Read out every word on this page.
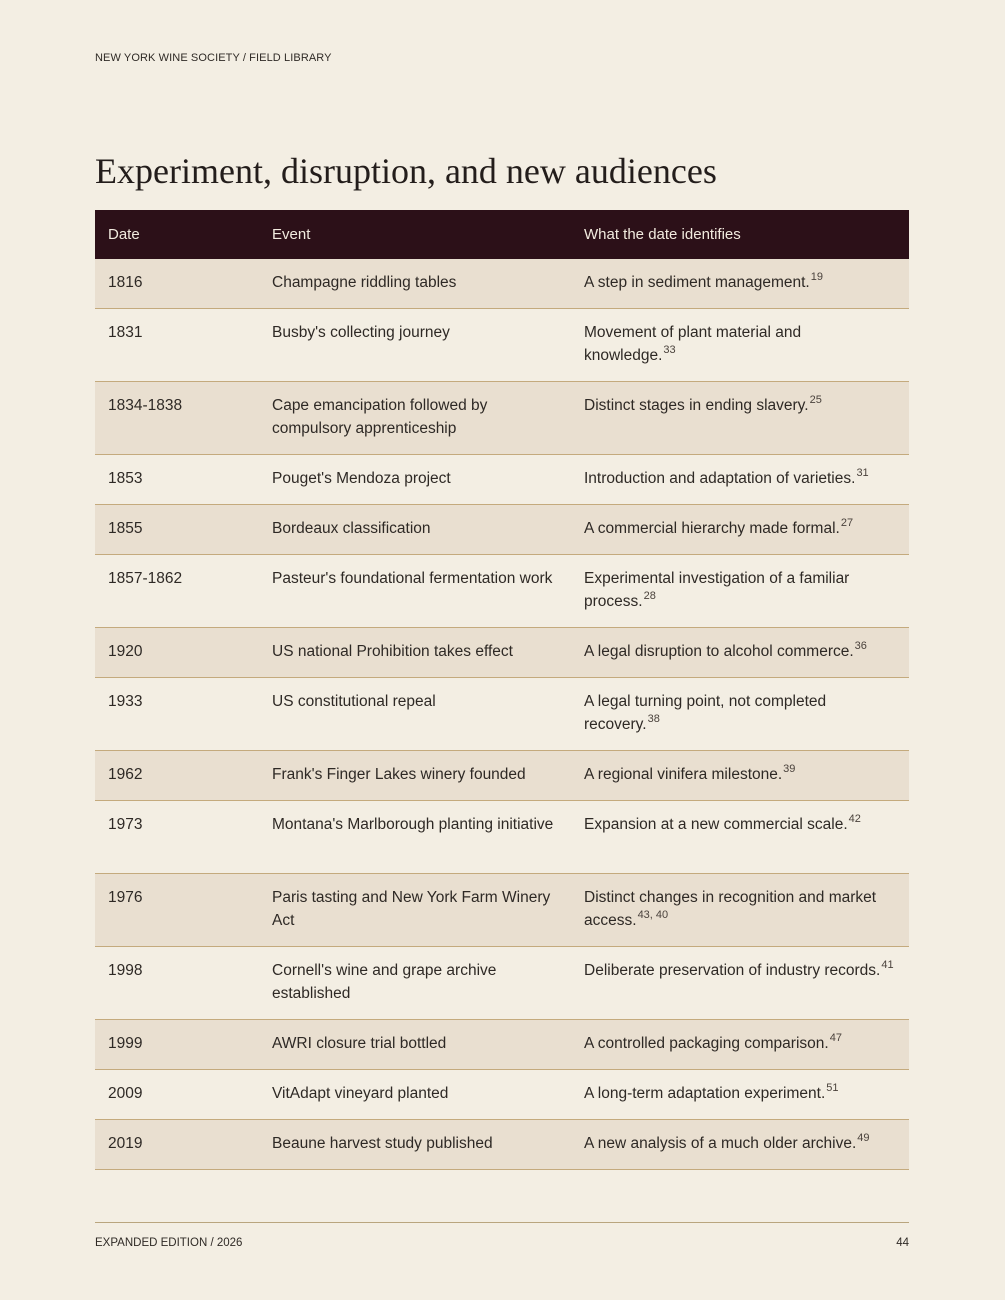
NEW YORK WINE SOCIETY / FIELD LIBRARY
Experiment, disruption, and new audiences
Date	Event	What the date identifies
1816	Champagne riddling tables	A step in sediment management.$^{19}$
1831	Busby's collecting journey	Movement of plant material and knowledge.$^{33}$
1834-1838	Cape emancipation followed by compulsory apprenticeship	Distinct stages in ending slavery.$^{25}$
1853	Pouget's Mendoza project	Introduction and adaptation of varieties.$^{31}$
1855	Bordeaux classification	A commercial hierarchy made formal.$^{27}$
1857-1862	Pasteur's foundational fermentation work	Experimental investigation of a familiar process.$^{28}$
1920	US national Prohibition takes effect	A legal disruption to alcohol commerce.$^{36}$
1933	US constitutional repeal	A legal turning point, not completed recovery.$^{38}$
1962	Frank's Finger Lakes winery founded	A regional vinifera milestone.$^{39}$
1973	Montana's Marlborough planting initiative	Expansion at a new commercial scale.$^{42}$
1976	Paris tasting and New York Farm Winery Act	Distinct changes in recognition and market access.$^{43, 40}$
1998	Cornell's wine and grape archive established	Deliberate preservation of industry records.$^{41}$
1999	AWRI closure trial bottled	A controlled packaging comparison.$^{47}$
2009	VitAdapt vineyard planted	A long-term adaptation experiment.$^{51}$
2019	Beaune harvest study published	A new analysis of a much older archive.$^{49}$
EXPANDED EDITION / 2026	44
